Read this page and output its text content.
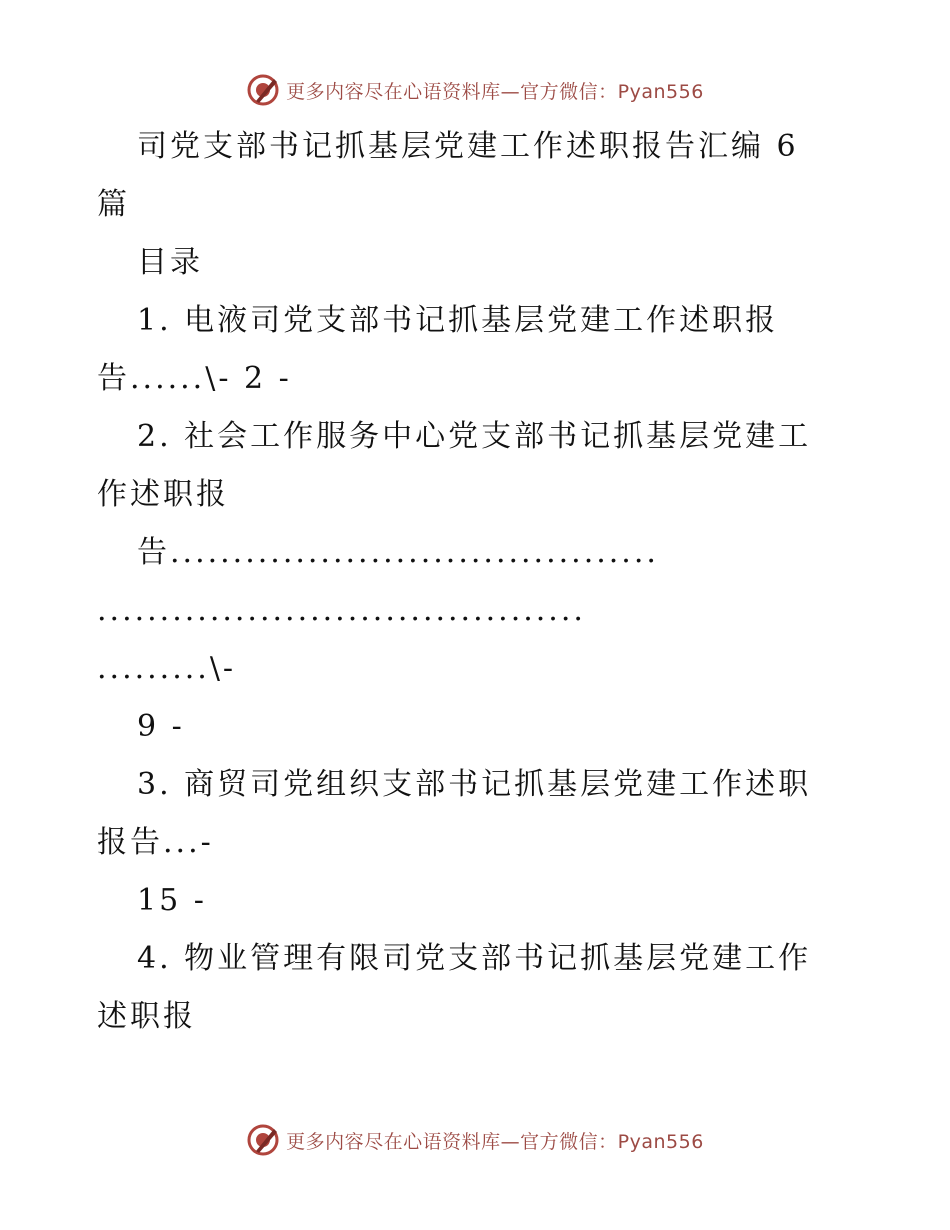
更多内容尽在心语资料库—官方微信：Pyan556
司党支部书记抓基层党建工作述职报告汇编 6
篇
目录
1. 电液司党支部书记抓基层党建工作述职报
告......\- 2 -
2. 社会工作服务中心党支部书记抓基层党建工
作述职报
告.......................................
.......................................
.........\-
9 -
3. 商贸司党组织支部书记抓基层党建工作述职
报告...-
15 -
4. 物业管理有限司党支部书记抓基层党建工作
述职报
更多内容尽在心语资料库—官方微信：Pyan556
